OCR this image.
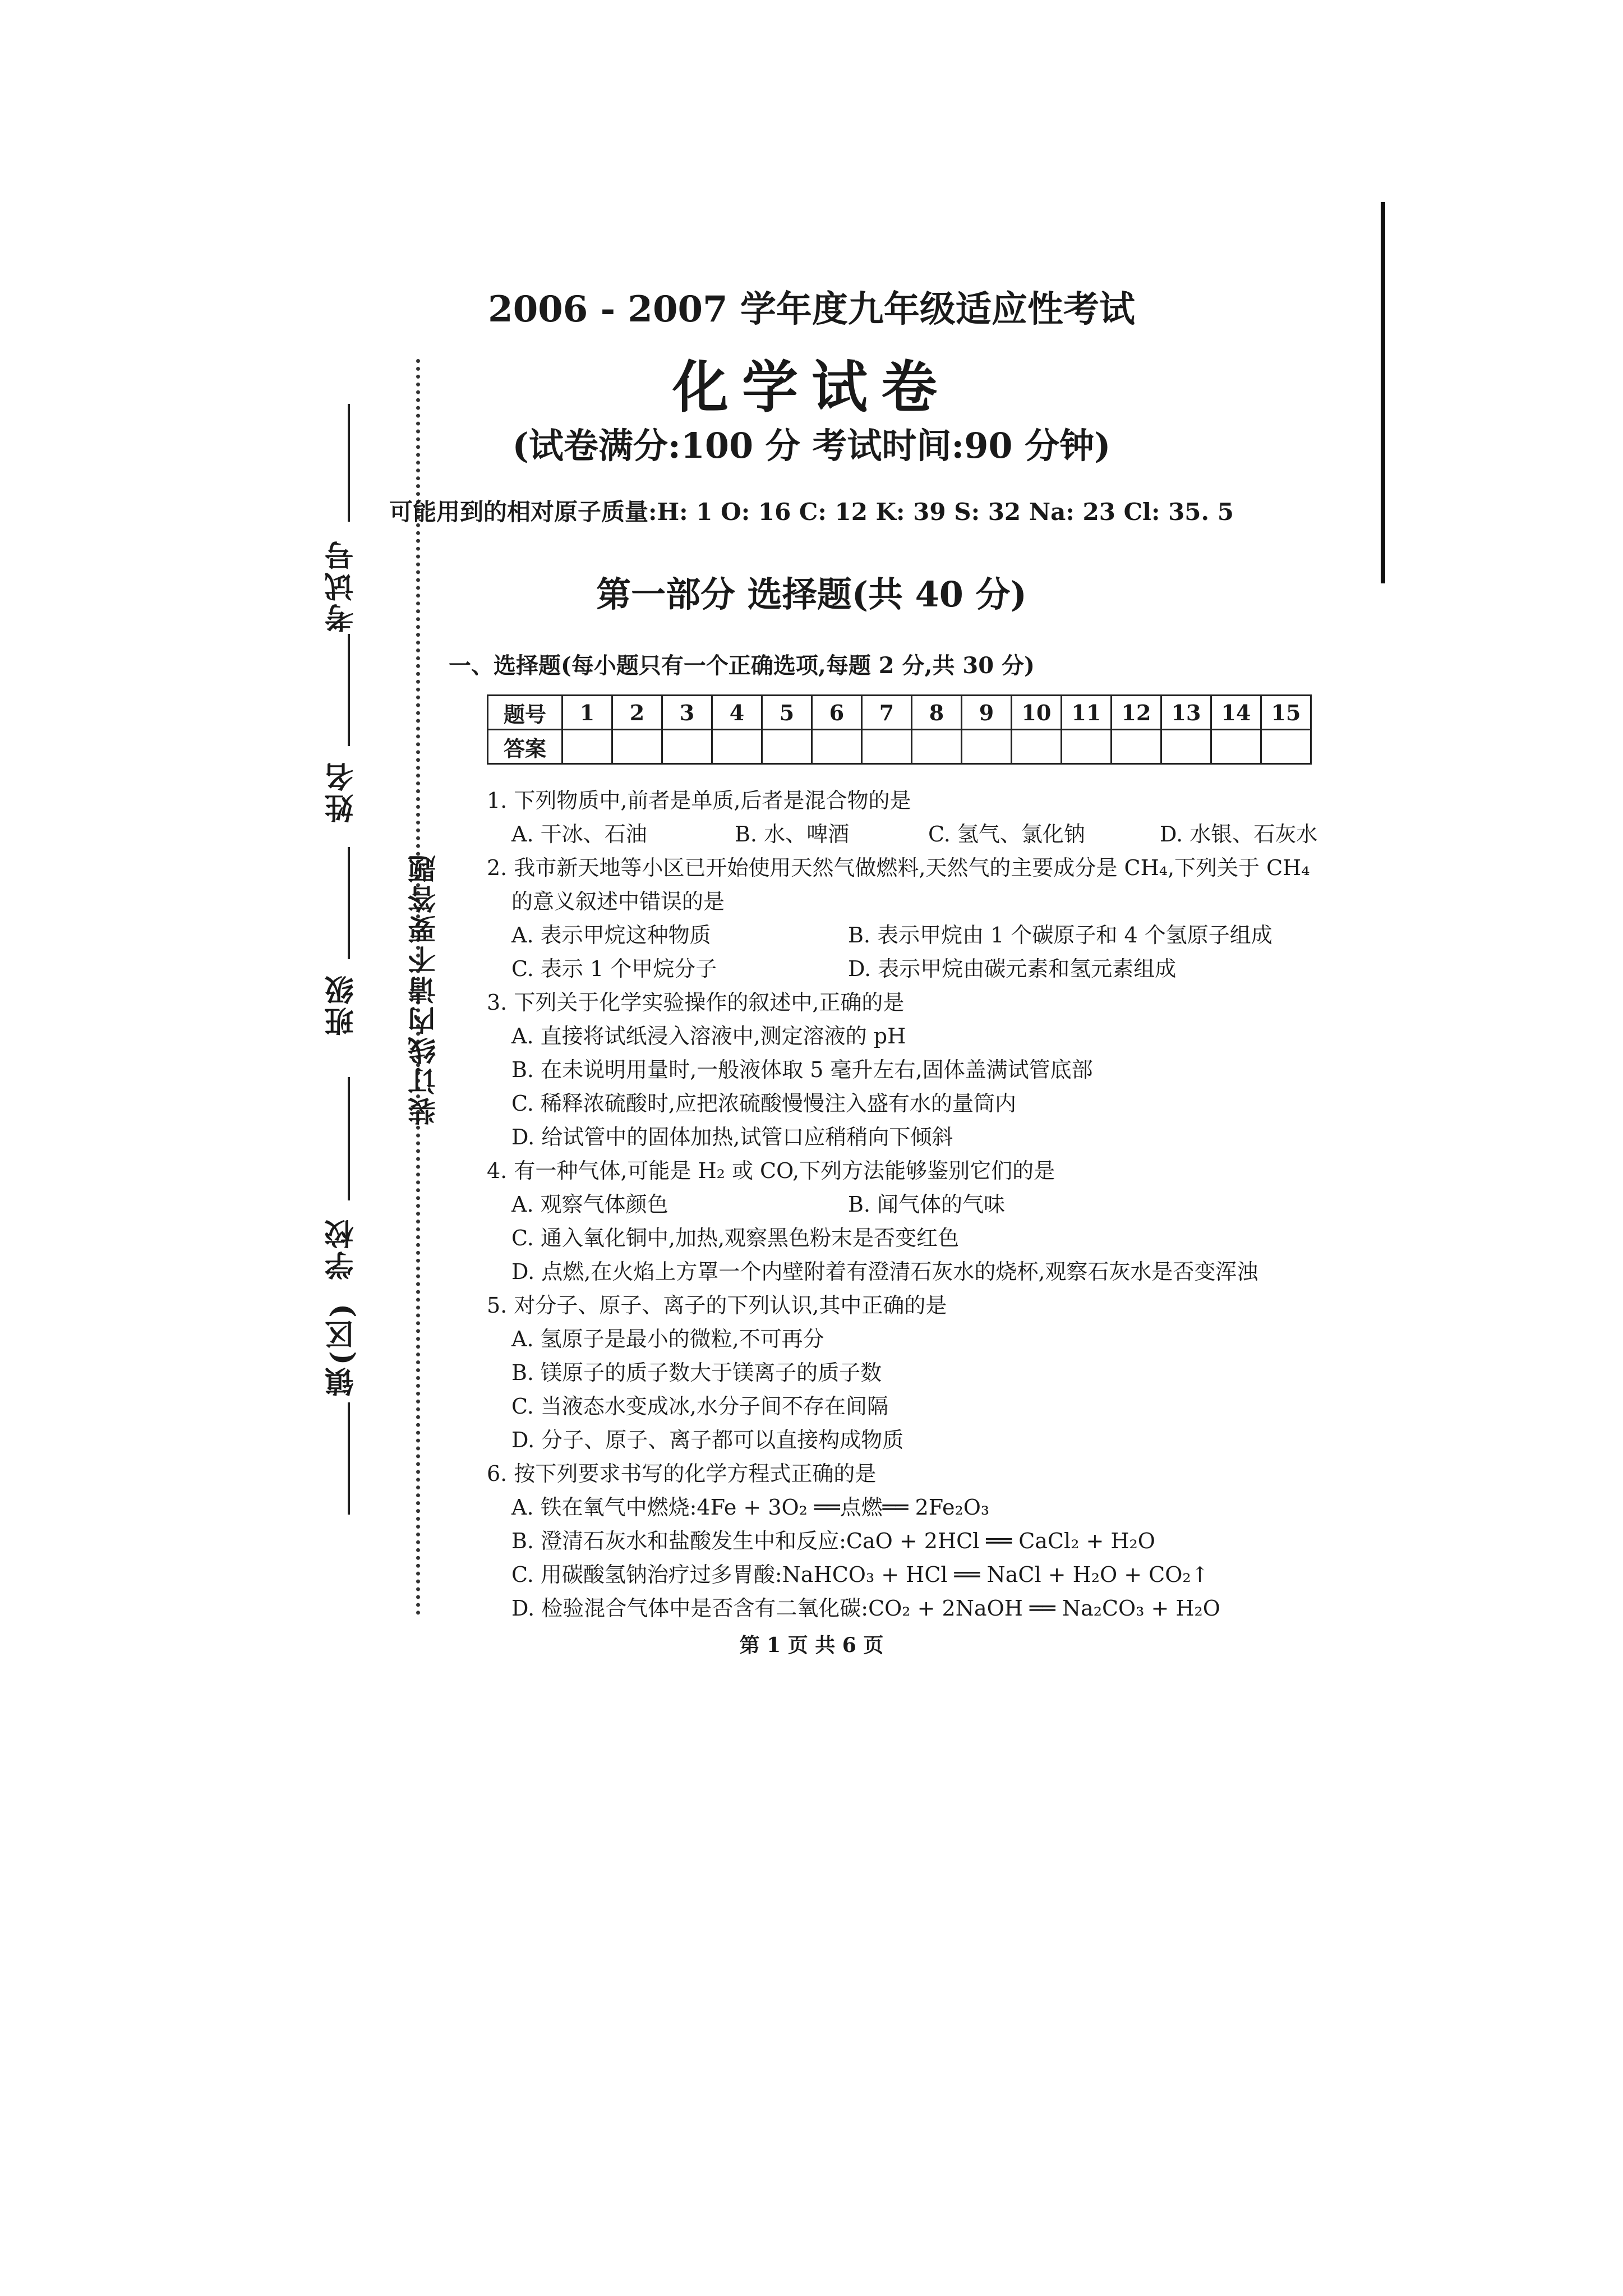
装订线内请不要答题
考试号
姓名
班级
学校
镇(区)
2006 - 2007 学年度九年级适应性考试
化学试卷
(试卷满分:100 分 考试时间:90 分钟)
可能用到的相对原子质量:H: 1 O: 16 C: 12 K: 39 S: 32 Na: 23 Cl: 35. 5
第一部分 选择题(共 40 分)
一、选择题(每小题只有一个正确选项,每题 2 分,共 30 分)
题号	1	2	3	4	5	6	7	8	9	10	11	12	13	14	15
答案															
1. 下列物质中,前者是单质,后者是混合物的是
A. 干冰、石油	B. 水、啤酒	C. 氢气、氯化钠	D. 水银、石灰水
2. 我市新天地等小区已开始使用天然气做燃料,天然气的主要成分是 CH₄,下列关于 CH₄
的意义叙述中错误的是
A. 表示甲烷这种物质	B. 表示甲烷由 1 个碳原子和 4 个氢原子组成
C. 表示 1 个甲烷分子	D. 表示甲烷由碳元素和氢元素组成
3. 下列关于化学实验操作的叙述中,正确的是
A. 直接将试纸浸入溶液中,测定溶液的 pH
B. 在未说明用量时,一般液体取 5 毫升左右,固体盖满试管底部
C. 稀释浓硫酸时,应把浓硫酸慢慢注入盛有水的量筒内
D. 给试管中的固体加热,试管口应稍稍向下倾斜
4. 有一种气体,可能是 H₂ 或 CO,下列方法能够鉴别它们的是
A. 观察气体颜色	B. 闻气体的气味
C. 通入氧化铜中,加热,观察黑色粉末是否变红色
D. 点燃,在火焰上方罩一个内壁附着有澄清石灰水的烧杯,观察石灰水是否变浑浊
5. 对分子、原子、离子的下列认识,其中正确的是
A. 氢原子是最小的微粒,不可再分
B. 镁原子的质子数大于镁离子的质子数
C. 当液态水变成冰,水分子间不存在间隔
D. 分子、原子、离子都可以直接构成物质
6. 按下列要求书写的化学方程式正确的是
A. 铁在氧气中燃烧:4Fe + 3O₂ ══点燃══ 2Fe₂O₃
B. 澄清石灰水和盐酸发生中和反应:CaO + 2HCl ══ CaCl₂ + H₂O
C. 用碳酸氢钠治疗过多胃酸:NaHCO₃ + HCl ══ NaCl + H₂O + CO₂↑
D. 检验混合气体中是否含有二氧化碳:CO₂ + 2NaOH ══ Na₂CO₃ + H₂O
第 1 页 共 6 页
